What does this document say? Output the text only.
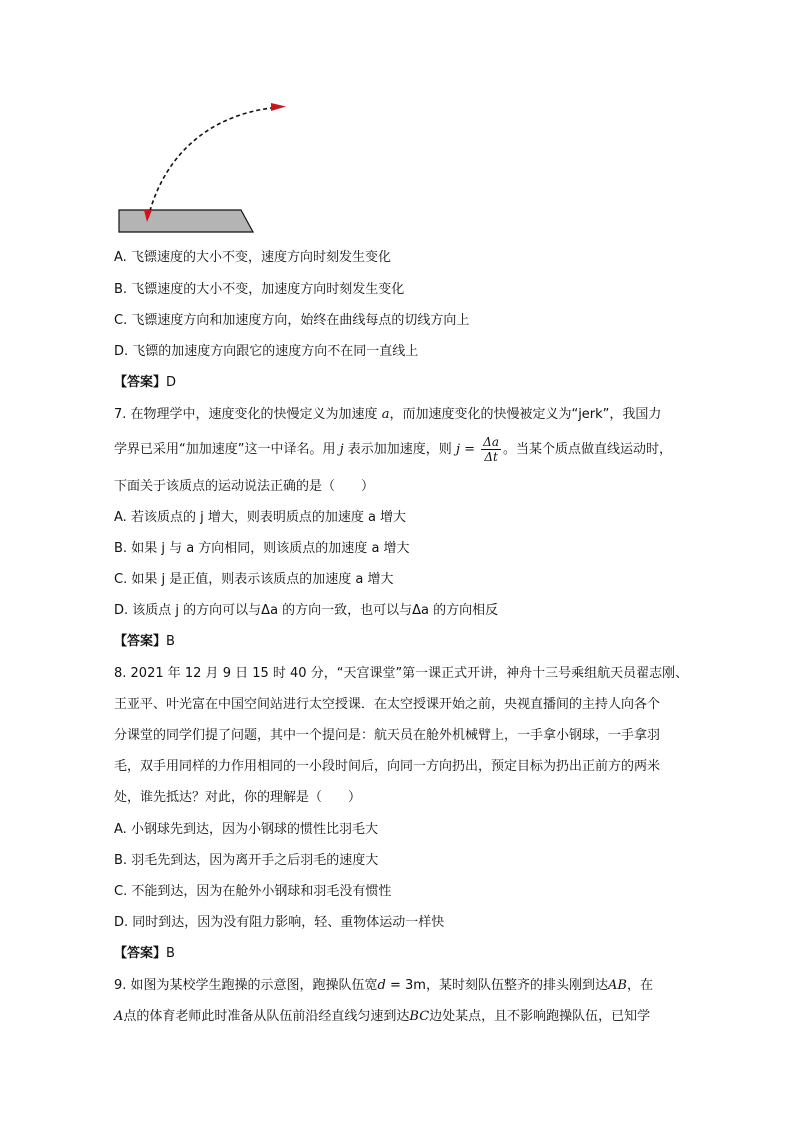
A. 飞镖速度的大小不变，速度方向时刻发生变化
B. 飞镖速度的大小不变，加速度方向时刻发生变化
C. 飞镖速度方向和加速度方向，始终在曲线每点的切线方向上
D. 飞镖的加速度方向跟它的速度方向不在同一直线上
【答案】D
7. 在物理学中，速度变化的快慢定义为加速度 a，而加速度变化的快慢被定义为“jerk”，我国力
学界已采用“加加速度”这一中译名。用 j 表示加加速度，则 $j = \frac{\Delta a}{\Delta t}$ 。当某个质点做直线运动时，
下面关于该质点的运动说法正确的是（　　）
A. 若该质点的 j 增大，则表明质点的加速度 a 增大
B. 如果 j 与 a 方向相同，则该质点的加速度 a 增大
C. 如果 j 是正值，则表示该质点的加速度 a 增大
D. 该质点 j 的方向可以与Δa 的方向一致，也可以与Δa 的方向相反
【答案】B
8. 2021 年 12 月 9 日 15 时 40 分，“天宫课堂”第一课正式开讲，神舟十三号乘组航天员翟志刚、
王亚平、叶光富在中国空间站进行太空授课．在太空授课开始之前，央视直播间的主持人向各个
分课堂的同学们提了问题，其中一个提问是：航天员在舱外机械臂上，一手拿小钢球，一手拿羽
毛，双手用同样的力作用相同的一小段时间后，向同一方向扔出，预定目标为扔出正前方的两米
处，谁先抵达？对此，你的理解是（　　）
A. 小钢球先到达，因为小钢球的惯性比羽毛大
B. 羽毛先到达，因为离开手之后羽毛的速度大
C. 不能到达，因为在舱外小钢球和羽毛没有惯性
D. 同时到达，因为没有阻力影响，轻、重物体运动一样快
【答案】B
9. 如图为某校学生跑操的示意图，跑操队伍宽d = 3m，某时刻队伍整齐的排头刚到达AB，在
A点的体育老师此时准备从队伍前沿经直线匀速到达BC边处某点，且不影响跑操队伍，已知学
